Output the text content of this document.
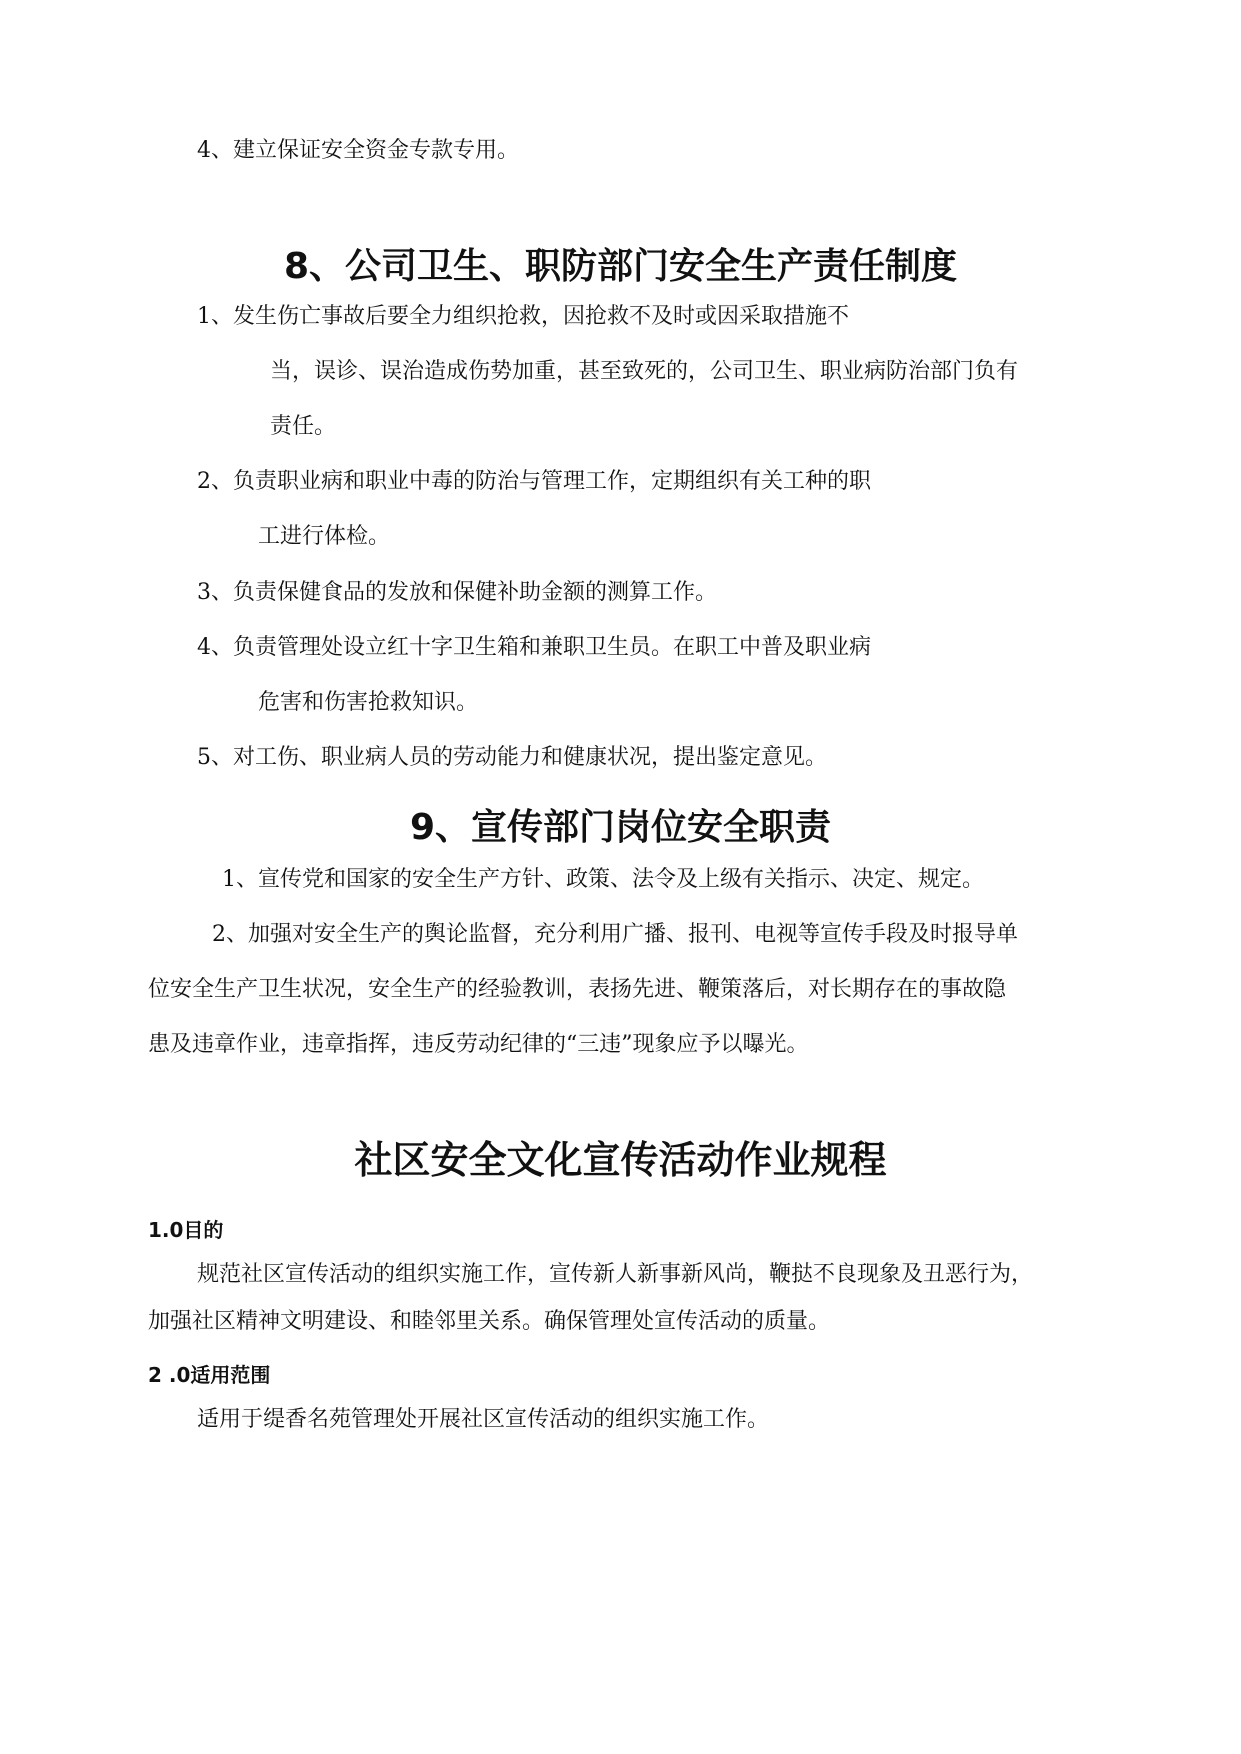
4、建立保证安全资金专款专用。
8、公司卫生、职防部门安全生产责任制度
1、发生伤亡事故后要全力组织抢救，因抢救不及时或因采取措施不
当，误诊、误治造成伤势加重，甚至致死的，公司卫生、职业病防治部门负有
责任。
2、负责职业病和职业中毒的防治与管理工作，定期组织有关工种的职
工进行体检。
3、负责保健食品的发放和保健补助金额的测算工作。
4、负责管理处设立红十字卫生箱和兼职卫生员。在职工中普及职业病
危害和伤害抢救知识。
5、对工伤、职业病人员的劳动能力和健康状况，提出鉴定意见。
9、宣传部门岗位安全职责
1、宣传党和国家的安全生产方针、政策、法令及上级有关指示、决定、规定。
2、加强对安全生产的舆论监督，充分利用广播、报刊、电视等宣传手段及时报导单
位安全生产卫生状况，安全生产的经验教训，表扬先进、鞭策落后，对长期存在的事故隐
患及违章作业，违章指挥，违反劳动纪律的“三违”现象应予以曝光。
社区安全文化宣传活动作业规程
1.0目的
规范社区宣传活动的组织实施工作，宣传新人新事新风尚，鞭挞不良现象及丑恶行为，
加强社区精神文明建设、和睦邻里关系。确保管理处宣传活动的质量。
2 .0适用范围
适用于缇香名苑管理处开展社区宣传活动的组织实施工作。
